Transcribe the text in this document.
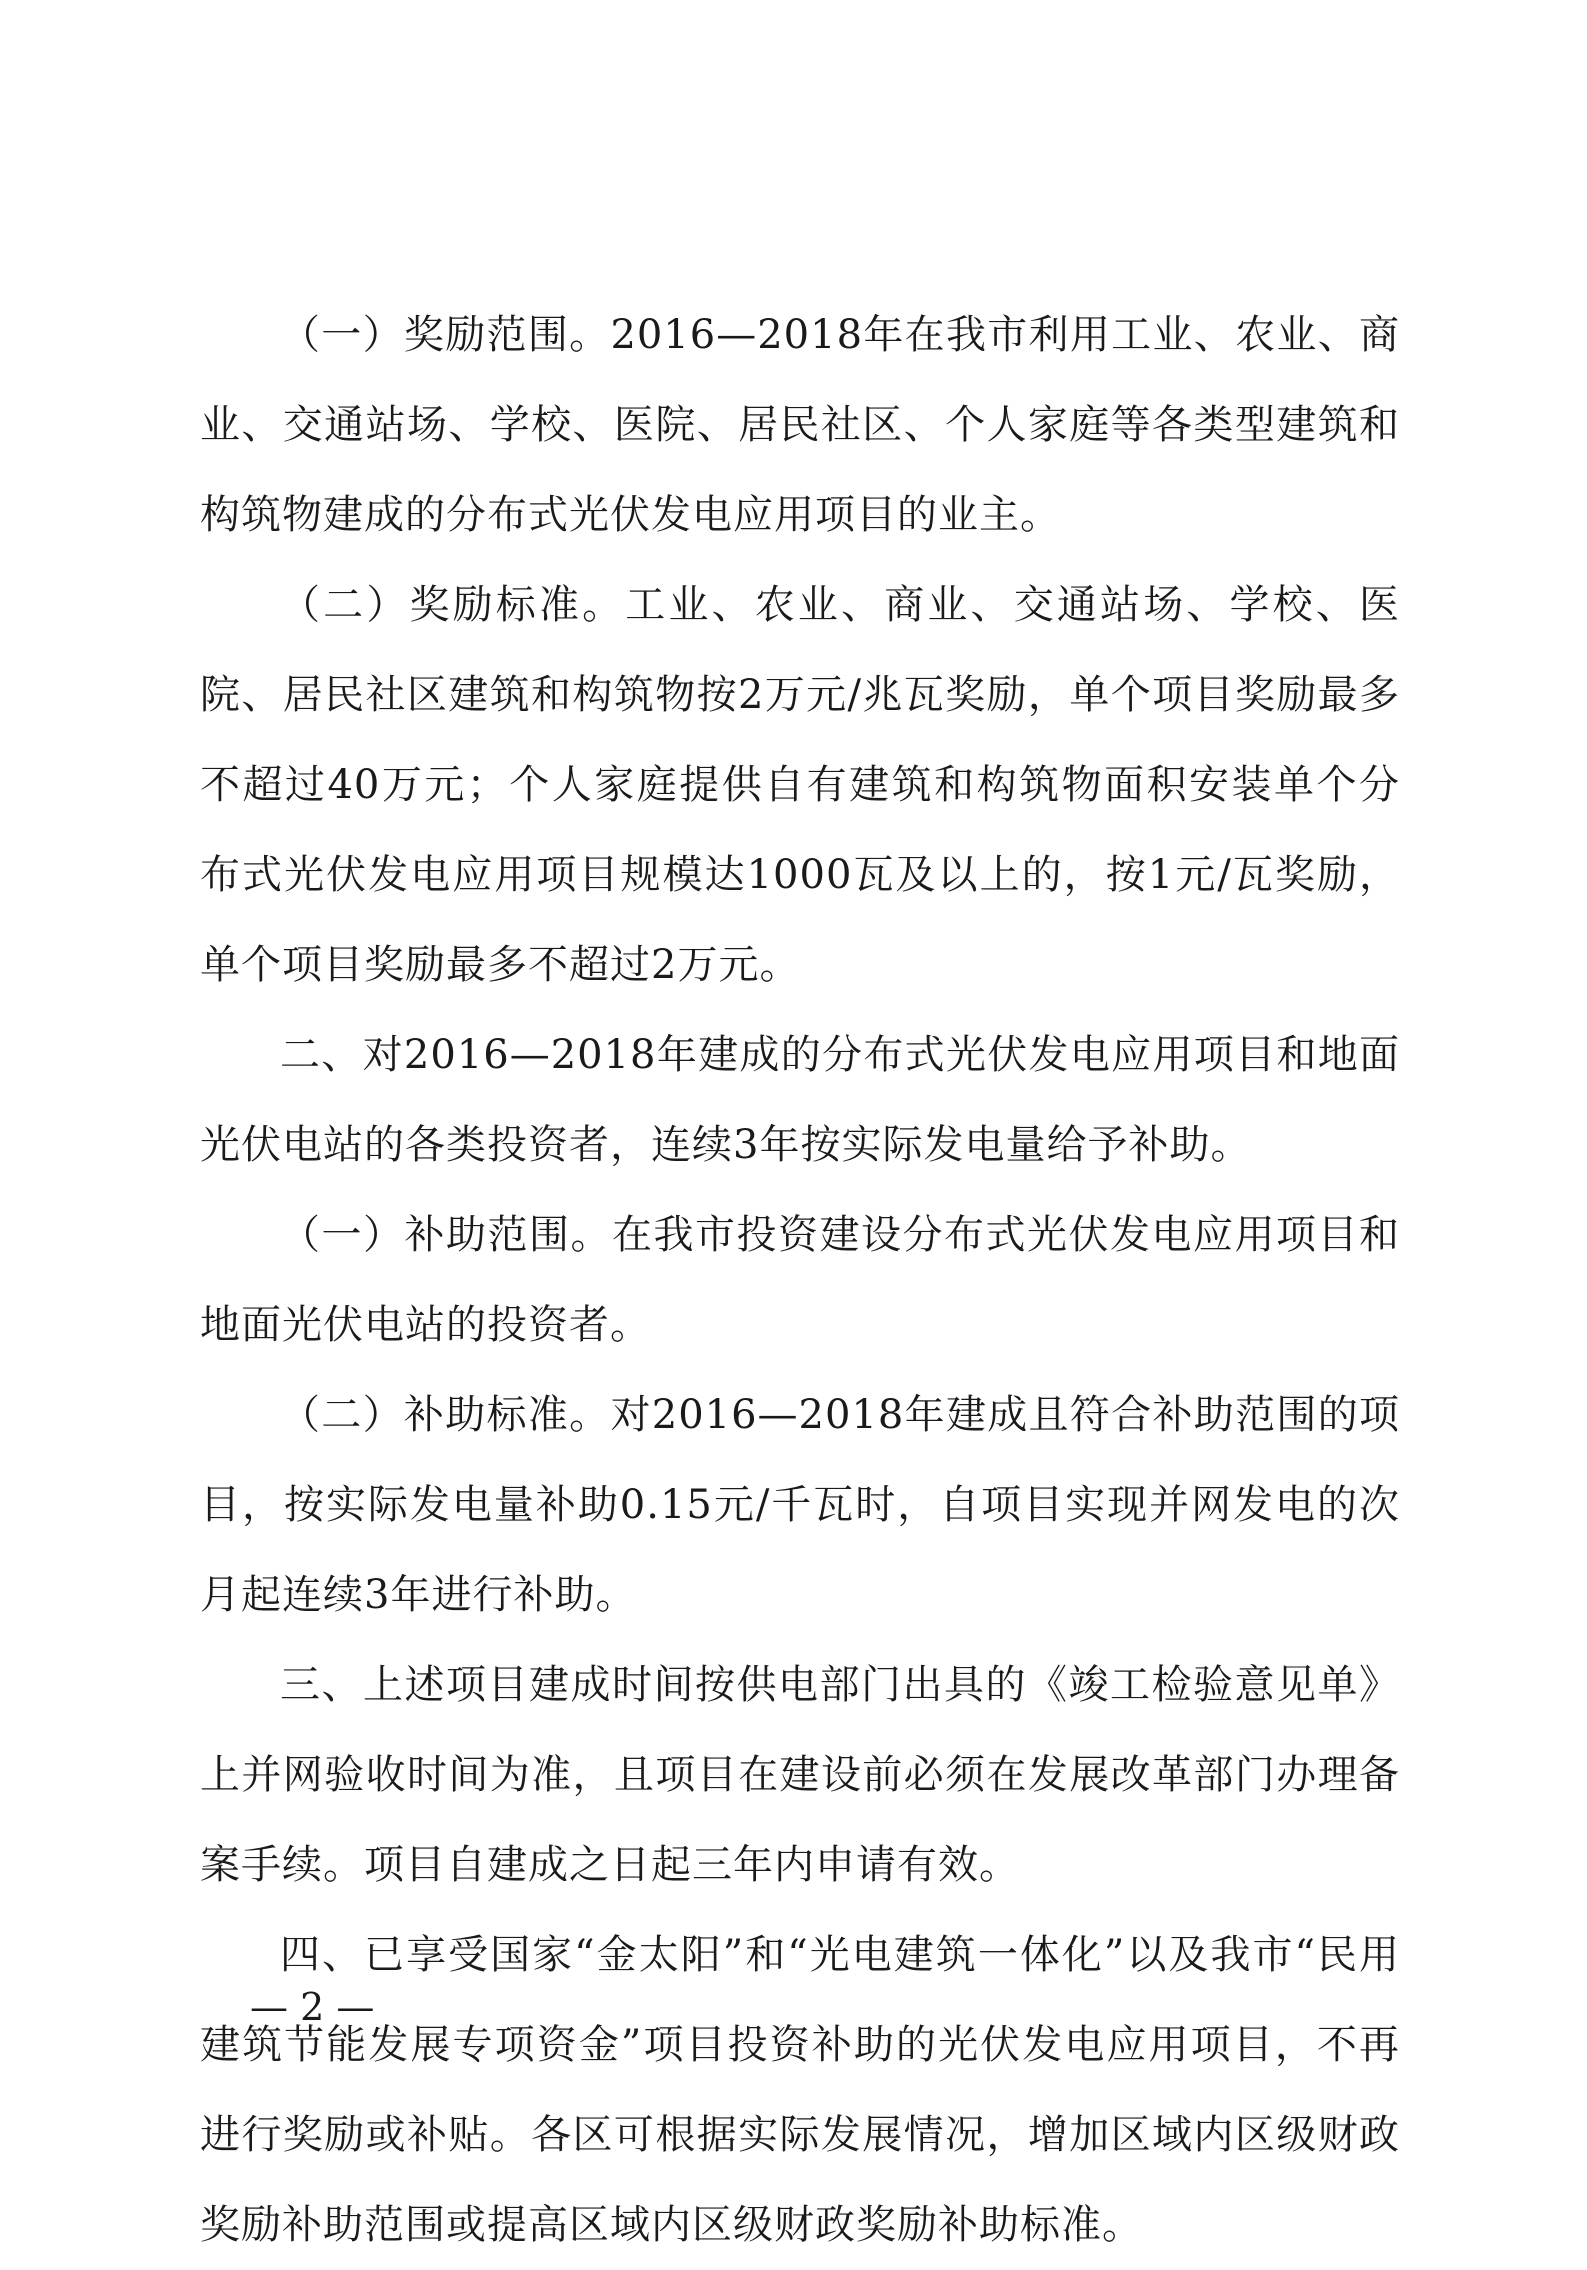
（一）奖励范围。2016—2018年在我市利用工业、农业、商业、交通站场、学校、医院、居民社区、个人家庭等各类型建筑和构筑物建成的分布式光伏发电应用项目的业主。

（二）奖励标准。工业、农业、商业、交通站场、学校、医院、居民社区建筑和构筑物按2万元/兆瓦奖励，单个项目奖励最多不超过40万元；个人家庭提供自有建筑和构筑物面积安装单个分布式光伏发电应用项目规模达1000瓦及以上的，按1元/瓦奖励，单个项目奖励最多不超过2万元。

二、对2016—2018年建成的分布式光伏发电应用项目和地面光伏电站的各类投资者，连续3年按实际发电量给予补助。

（一）补助范围。在我市投资建设分布式光伏发电应用项目和地面光伏电站的投资者。

（二）补助标准。对2016—2018年建成且符合补助范围的项目，按实际发电量补助0.15元/千瓦时，自项目实现并网发电的次月起连续3年进行补助。

三、上述项目建成时间按供电部门出具的《竣工检验意见单》上并网验收时间为准，且项目在建设前必须在发展改革部门办理备案手续。项目自建成之日起三年内申请有效。

四、已享受国家“金太阳”和“光电建筑一体化”以及我市“民用建筑节能发展专项资金”项目投资补助的光伏发电应用项目，不再进行奖励或补贴。各区可根据实际发展情况，增加区域内区级财政奖励补助范围或提高区域内区级财政奖励补助标准。

— 2 —
